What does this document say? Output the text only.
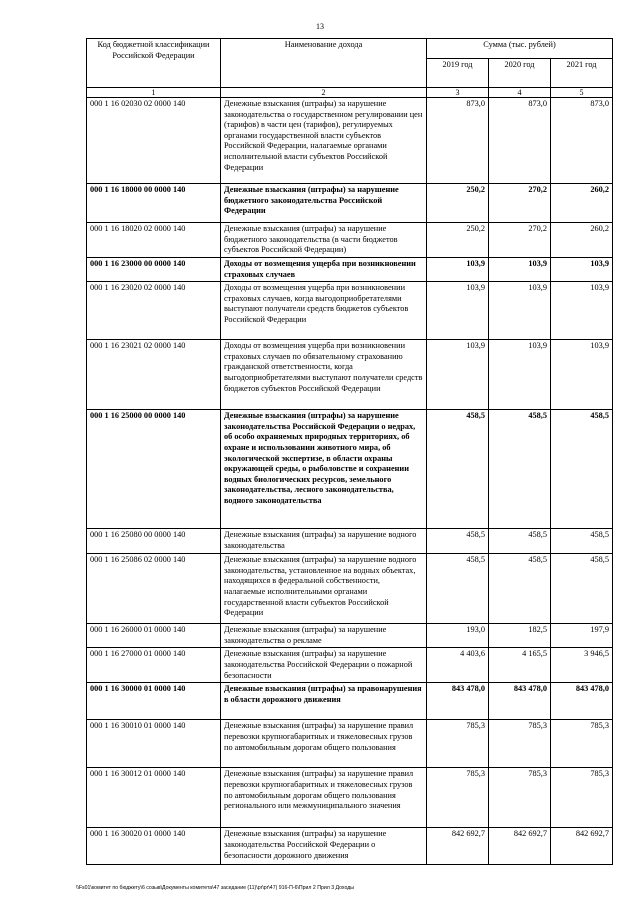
13
Код бюджетной классификации Российской Федерации	Наименование дохода	Сумма (тыс. рублей)		
		2019 год	2020 год	2021 год
1	2	3	4	5
000 1 16 02030 02 0000 140	Денежные взыскания (штрафы) за нарушение законодательства о государственном регулировании цен (тарифов) в части цен (тарифов), регулируемых органами государственной власти субъектов Российской Федерации, налагаемые органами исполнительной власти субъектов Российской Федерации	873,0	873,0	873,0
000 1 16 18000 00 0000 140	Денежные взыскания (штрафы) за нарушение бюджетного законодательства Российской Федерации	250,2	270,2	260,2
000 1 16 18020 02 0000 140	Денежные взыскания (штрафы) за нарушение бюджетного законодательства (в части бюджетов субъектов Российской Федерации)	250,2	270,2	260,2
000 1 16 23000 00 0000 140	Доходы от возмещения ущерба при возникновении страховых случаев	103,9	103,9	103,9
000 1 16 23020 02 0000 140	Доходы от возмещения ущерба при возникновении страховых случаев, когда выгодоприобретателями выступают получатели средств бюджетов субъектов Российской Федерации	103,9	103,9	103,9
000 1 16 23021 02 0000 140	Доходы от возмещения ущерба при возникновении страховых случаев по обязательному страхованию гражданской ответственности, когда выгодоприобретателями выступают получатели средств бюджетов субъектов Российской Федерации	103,9	103,9	103,9
000 1 16 25000 00 0000 140	Денежные взыскания (штрафы) за нарушение законодательства Российской Федерации о недрах, об особо охраняемых природных территориях, об охране и использовании животного мира, об экологической экспертизе, в области охраны окружающей среды, о рыболовстве и сохранении водных биологических ресурсов, земельного законодательства, лесного законодательства, водного законодательства	458,5	458,5	458,5
000 1 16 25080 00 0000 140	Денежные взыскания (штрафы) за нарушение водного законодательства	458,5	458,5	458,5
000 1 16 25086 02 0000 140	Денежные взыскания (штрафы) за нарушение водного законодательства, установленное на водных объектах, находящихся в федеральной собственности, налагаемые исполнительными органами государственной власти субъектов Российской Федерации	458,5	458,5	458,5
000 1 16 26000 01 0000 140	Денежные взыскания (штрафы) за нарушение законодательства о рекламе	193,0	182,5	197,9
000 1 16 27000 01 0000 140	Денежные взыскания (штрафы) за нарушение законодательства Российской Федерации о пожарной безопасности	4 403,6	4 165,5	3 946,5
000 1 16 30000 01 0000 140	Денежные взыскания (штрафы) за правонарушения в области дорожного движения	843 478,0	843 478,0	843 478,0
000 1 16 30010 01 0000 140	Денежные взыскания (штрафы) за нарушение правил перевозки крупногабаритных и тяжеловесных грузов по автомобильным дорогам общего пользования	785,3	785,3	785,3
000 1 16 30012 01 0000 140	Денежные взыскания (штрафы) за нарушение правил перевозки крупногабаритных и тяжеловесных грузов по автомобильным дорогам общего пользования регионального или межмуниципального значения	785,3	785,3	785,3
000 1 16 30020 01 0000 140	Денежные взыскания (штрафы) за нарушение законодательства Российской Федерации о безопасности дорожного движения	842 692,7	842 692,7	842 692,7
\\Fs01\комитет по бюджету\6 созыв\Документы комитета\47 заседание (11)\pr\pr\47) 916-П-6\Прил 2 Прил 3 Доходы
